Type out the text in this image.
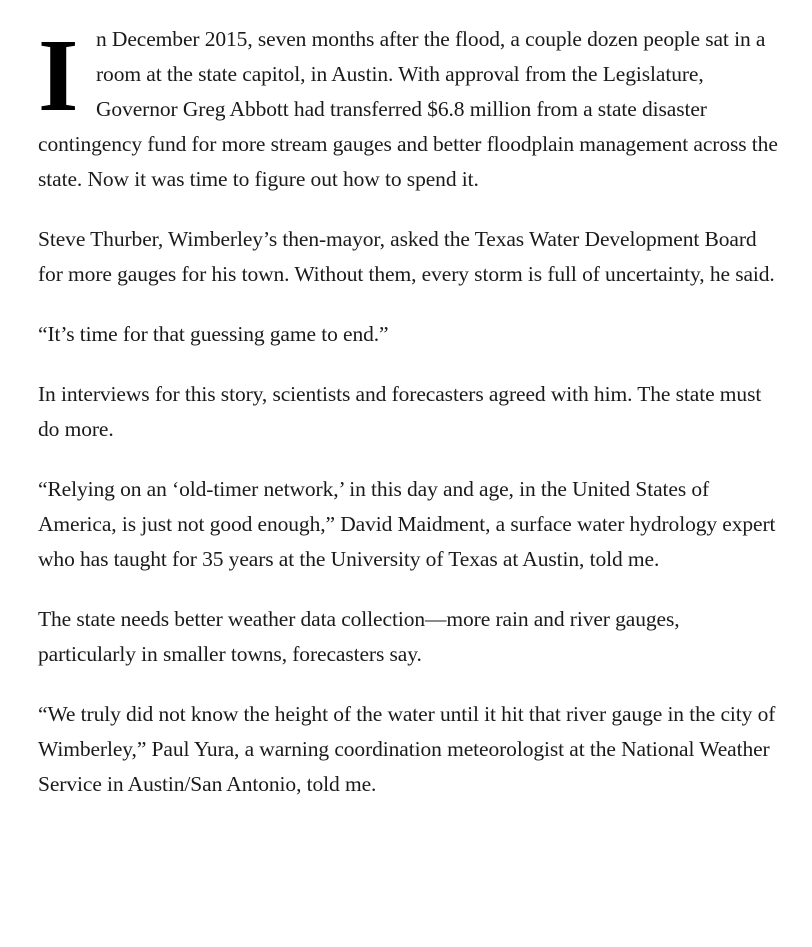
In December 2015, seven months after the flood, a couple dozen people sat in a room at the state capitol, in Austin. With approval from the Legislature, Governor Greg Abbott had transferred $6.8 million from a state disaster contingency fund for more stream gauges and better floodplain management across the state. Now it was time to figure out how to spend it.

Steve Thurber, Wimberley’s then-mayor, asked the Texas Water Development Board for more gauges for his town. Without them, every storm is full of uncertainty, he said.

“It’s time for that guessing game to end.”

In interviews for this story, scientists and forecasters agreed with him. The state must do more.

“Relying on an ‘old-timer network,’ in this day and age, in the United States of America, is just not good enough,” David Maidment, a surface water hydrology expert who has taught for 35 years at the University of Texas at Austin, told me.

The state needs better weather data collection—more rain and river gauges, particularly in smaller towns, forecasters say.

“We truly did not know the height of the water until it hit that river gauge in the city of Wimberley,” Paul Yura, a warning coordination meteorologist at the National Weather Service in Austin/San Antonio, told me.
